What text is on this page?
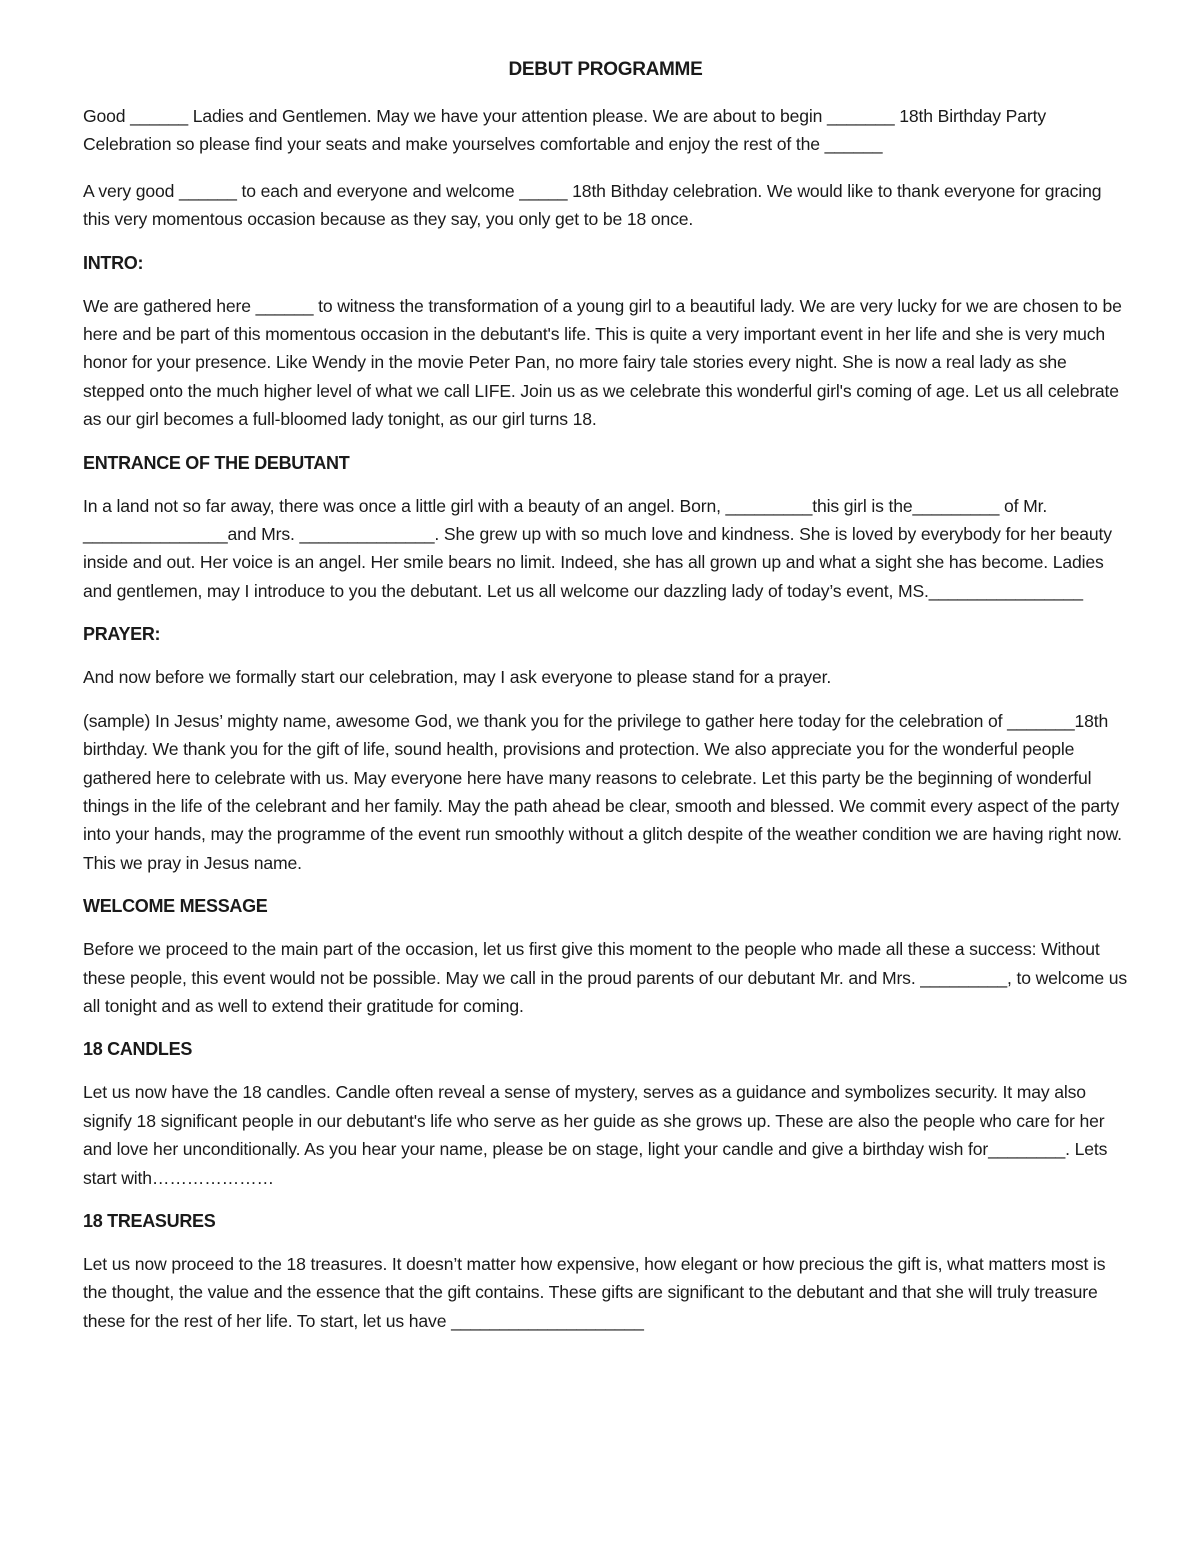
DEBUT PROGRAMME

Good ______ Ladies and Gentlemen. May we have your attention please. We are about to begin _______ 18th Birthday Party Celebration so please find your seats and make yourselves comfortable and enjoy the rest of the ______

A very good ______ to each and everyone and welcome _____ 18th Bithday celebration. We would like to thank everyone for gracing this very momentous occasion because as they say, you only get to be 18 once.

INTRO:

We are gathered here ______ to witness the transformation of a young girl to a beautiful lady. We are very lucky for we are chosen to be here and be part of this momentous occasion in the debutant's life. This is quite a very important event in her life and she is very much honor for your presence. Like Wendy in the movie Peter Pan, no more fairy tale stories every night. She is now a real lady as she stepped onto the much higher level of what we call LIFE. Join us as we celebrate this wonderful girl's coming of age. Let us all celebrate as our girl becomes a full-bloomed lady tonight, as our girl turns 18.

ENTRANCE OF THE DEBUTANT

In a land not so far away, there was once a little girl with a beauty of an angel. Born, _________this girl is the_________ of Mr. _______________and Mrs. ______________. She grew up with so much love and kindness. She is loved by everybody for her beauty inside and out. Her voice is an angel. Her smile bears no limit. Indeed, she has all grown up and what a sight she has become. Ladies and gentlemen, may I introduce to you the debutant. Let us all welcome our dazzling lady of today’s event, MS.________________

PRAYER:

And now before we formally start our celebration, may I ask everyone to please stand for a prayer.

(sample) In Jesus’ mighty name, awesome God, we thank you for the privilege to gather here today for the celebration of _______18th birthday. We thank you for the gift of life, sound health, provisions and protection. We also appreciate you for the wonderful people gathered here to celebrate with us. May everyone here have many reasons to celebrate. Let this party be the beginning of wonderful things in the life of the celebrant and her family. May the path ahead be clear, smooth and blessed. We commit every aspect of the party into your hands, may the programme of the event run smoothly without a glitch despite of the weather condition we are having right now. This we pray in Jesus name.

WELCOME MESSAGE

Before we proceed to the main part of the occasion, let us first give this moment to the people who made all these a success: Without these people, this event would not be possible. May we call in the proud parents of our debutant Mr. and Mrs. _________, to welcome us all tonight and as well to extend their gratitude for coming.

18 CANDLES

Let us now have the 18 candles. Candle often reveal a sense of mystery, serves as a guidance and symbolizes security. It may also signify 18 significant people in our debutant's life who serve as her guide as she grows up. These are also the people who care for her and love her unconditionally. As you hear your name, please be on stage, light your candle and give a birthday wish for________. Lets start with…………………

18 TREASURES

Let us now proceed to the 18 treasures. It doesn’t matter how expensive, how elegant or how precious the gift is, what matters most is the thought, the value and the essence that the gift contains. These gifts are significant to the debutant and that she will truly treasure these for the rest of her life. To start, let us have ____________________
